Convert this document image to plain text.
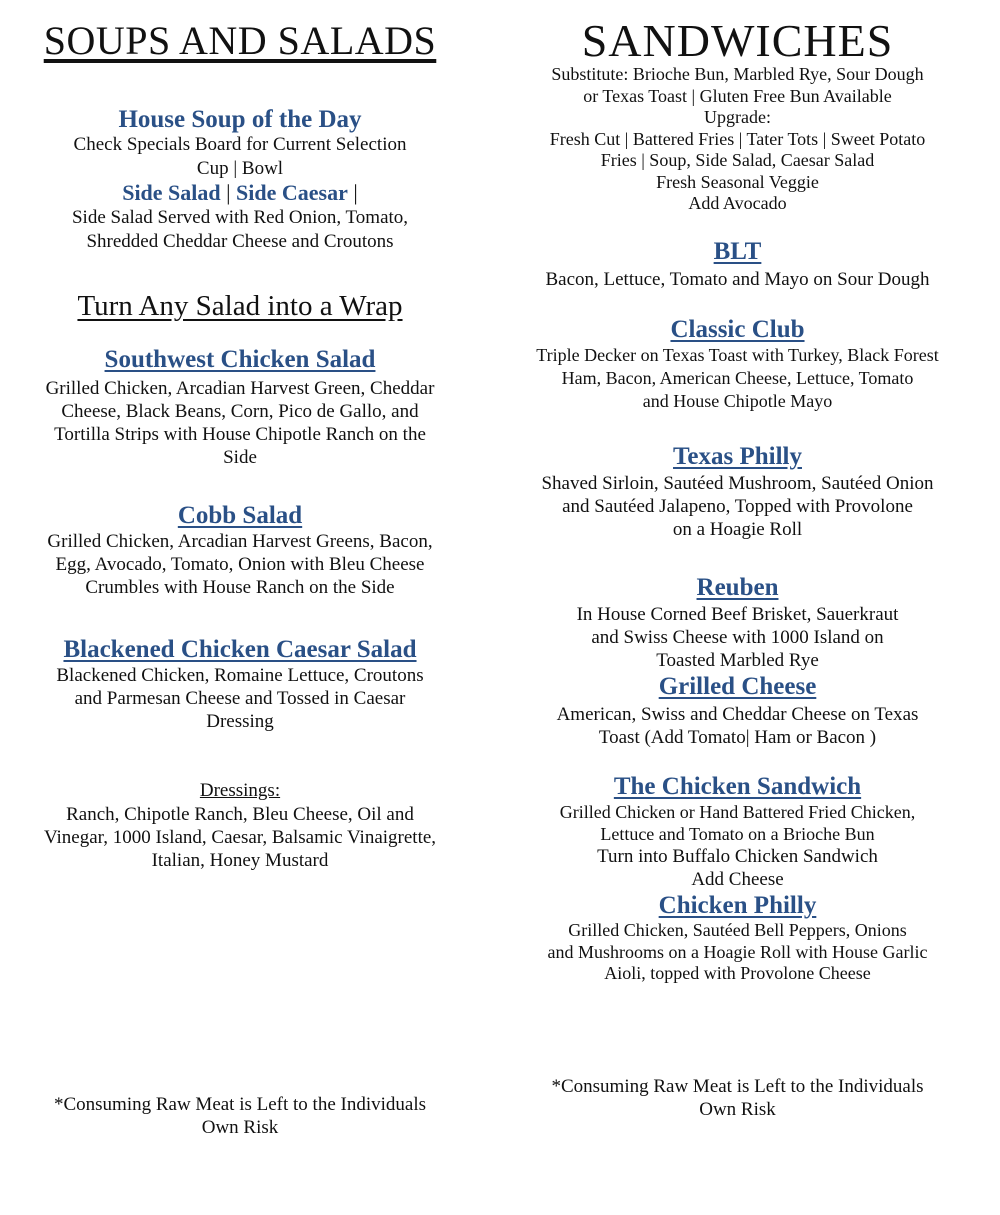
SOUPS AND SALADS
House Soup of the Day
Check Specials Board for Current Selection
Cup | Bowl
Side Salad | Side Caesar |
Side Salad Served with Red Onion, Tomato,
Shredded Cheddar Cheese and Croutons
Turn Any Salad into a Wrap
Southwest Chicken Salad
Grilled Chicken, Arcadian Harvest Green, Cheddar
Cheese, Black Beans, Corn, Pico de Gallo, and
Tortilla Strips with House Chipotle Ranch on the
Side
Cobb Salad
Grilled Chicken, Arcadian Harvest Greens, Bacon,
Egg, Avocado, Tomato, Onion with Bleu Cheese
Crumbles with House Ranch on the Side
Blackened Chicken Caesar Salad
Blackened Chicken, Romaine Lettuce, Croutons
and Parmesan Cheese and Tossed in Caesar
Dressing
Dressings:
Ranch, Chipotle Ranch, Bleu Cheese, Oil and
Vinegar, 1000 Island, Caesar, Balsamic Vinaigrette,
Italian, Honey Mustard
*Consuming Raw Meat is Left to the Individuals
Own Risk
SANDWICHES
Substitute: Brioche Bun, Marbled Rye, Sour Dough
or Texas Toast | Gluten Free Bun Available
Upgrade:
Fresh Cut | Battered Fries | Tater Tots | Sweet Potato
Fries | Soup, Side Salad, Caesar Salad
Fresh Seasonal Veggie
Add Avocado
BLT
Bacon, Lettuce, Tomato and Mayo on Sour Dough
Classic Club
Triple Decker on Texas Toast with Turkey, Black Forest
Ham, Bacon, American Cheese, Lettuce, Tomato
and House Chipotle Mayo
Texas Philly
Shaved Sirloin, Sautéed Mushroom, Sautéed Onion
and Sautéed Jalapeno, Topped with Provolone
on a Hoagie Roll
Reuben
In House Corned Beef Brisket, Sauerkraut
and Swiss Cheese with 1000 Island on
Toasted Marbled Rye
Grilled Cheese
American, Swiss and Cheddar Cheese on Texas
Toast (Add Tomato| Ham or Bacon )
The Chicken Sandwich
Grilled Chicken or Hand Battered Fried Chicken,
Lettuce and Tomato on a Brioche Bun
Turn into Buffalo Chicken Sandwich
Add Cheese
Chicken Philly
Grilled Chicken, Sautéed Bell Peppers, Onions
and Mushrooms on a Hoagie Roll with House Garlic
Aioli, topped with Provolone Cheese
*Consuming Raw Meat is Left to the Individuals
Own Risk
